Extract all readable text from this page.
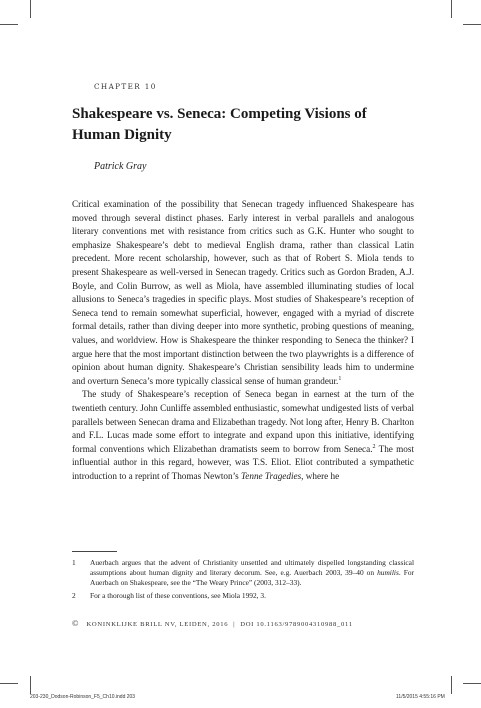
CHAPTER 10
Shakespeare vs. Seneca: Competing Visions of Human Dignity
Patrick Gray

Critical examination of the possibility that Senecan tragedy influenced Shakespeare has moved through several distinct phases. Early interest in verbal parallels and analogous literary conventions met with resistance from critics such as G.K. Hunter who sought to emphasize Shakespeare’s debt to medieval English drama, rather than classical Latin precedent. More recent scholarship, however, such as that of Robert S. Miola tends to present Shakespeare as well-versed in Senecan tragedy. Critics such as Gordon Braden, A.J. Boyle, and Colin Burrow, as well as Miola, have assembled illuminating studies of local allusions to Seneca’s tragedies in specific plays. Most studies of Shakespeare’s reception of Seneca tend to remain somewhat superficial, however, engaged with a myriad of discrete formal details, rather than diving deeper into more synthetic, probing questions of meaning, values, and worldview. How is Shakespeare the thinker responding to Seneca the thinker? I argue here that the most important distinction between the two playwrights is a difference of opinion about human dignity. Shakespeare’s Christian sensibility leads him to undermine and overturn Seneca’s more typically classical sense of human grandeur.$^1$

The study of Shakespeare’s reception of Seneca began in earnest at the turn of the twentieth century. John Cunliffe assembled enthusiastic, somewhat undigested lists of verbal parallels between Senecan drama and Elizabethan tragedy. Not long after, Henry B. Charlton and F.L. Lucas made some effort to integrate and expand upon this initiative, identifying formal conventions which Elizabethan dramatists seem to borrow from Seneca.$^2$ The most influential author in this regard, however, was T.S. Eliot. Eliot contributed a sympathetic introduction to a reprint of Thomas Newton’s Tenne Tragedies, where he

1 Auerbach argues that the advent of Christianity unsettled and ultimately dispelled longstanding classical assumptions about human dignity and literary decorum. See, e.g. Auerbach 2003, 39–40 on humilis. For Auerbach on Shakespeare, see the “The Weary Prince” (2003, 312–33).
2 For a thorough list of these conventions, see Miola 1992, 3.
© KONINKLIJKE BRILL NV, LEIDEN, 2016 | DOI 10.1163/9789004310988_011
203-230_Dodson-Robinson_F5_Ch10.indd 203	11/5/2015 4:55:16 PM
